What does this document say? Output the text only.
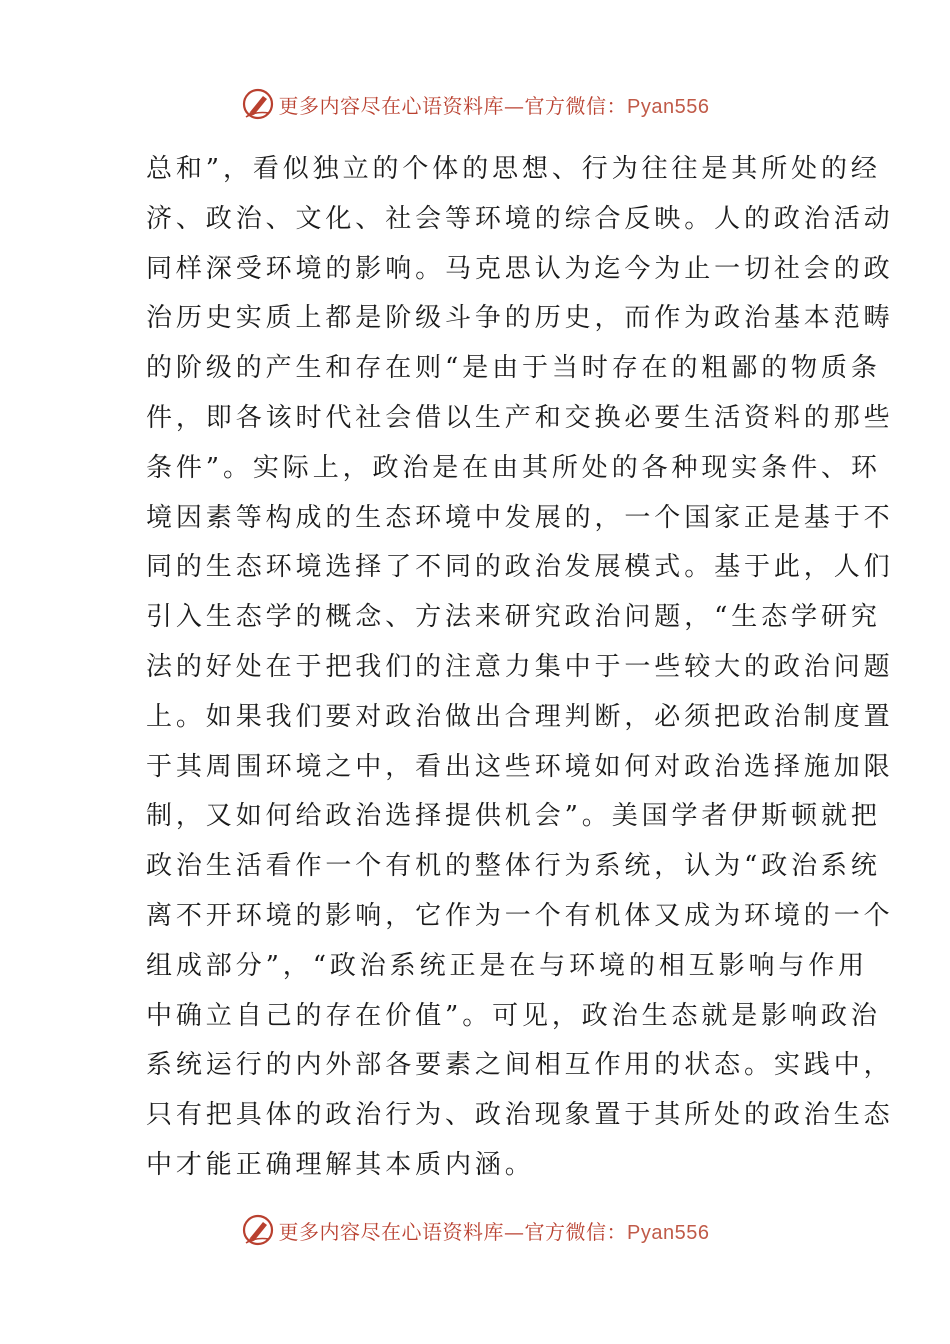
更多内容尽在心语资料库—官方微信：Pyan556
总和”，看似独立的个体的思想、行为往往是其所处的经
济、政治、文化、社会等环境的综合反映。人的政治活动
同样深受环境的影响。马克思认为迄今为止一切社会的政
治历史实质上都是阶级斗争的历史，而作为政治基本范畴
的阶级的产生和存在则“是由于当时存在的粗鄙的物质条
件，即各该时代社会借以生产和交换必要生活资料的那些
条件”。实际上，政治是在由其所处的各种现实条件、环
境因素等构成的生态环境中发展的，一个国家正是基于不
同的生态环境选择了不同的政治发展模式。基于此，人们
引入生态学的概念、方法来研究政治问题，“生态学研究
法的好处在于把我们的注意力集中于一些较大的政治问题
上。如果我们要对政治做出合理判断，必须把政治制度置
于其周围环境之中，看出这些环境如何对政治选择施加限
制，又如何给政治选择提供机会”。美国学者伊斯顿就把
政治生活看作一个有机的整体行为系统，认为“政治系统
离不开环境的影响，它作为一个有机体又成为环境的一个
组成部分”，“政治系统正是在与环境的相互影响与作用
中确立自己的存在价值”。可见，政治生态就是影响政治
系统运行的内外部各要素之间相互作用的状态。实践中，
只有把具体的政治行为、政治现象置于其所处的政治生态
中才能正确理解其本质内涵。
更多内容尽在心语资料库—官方微信：Pyan556
